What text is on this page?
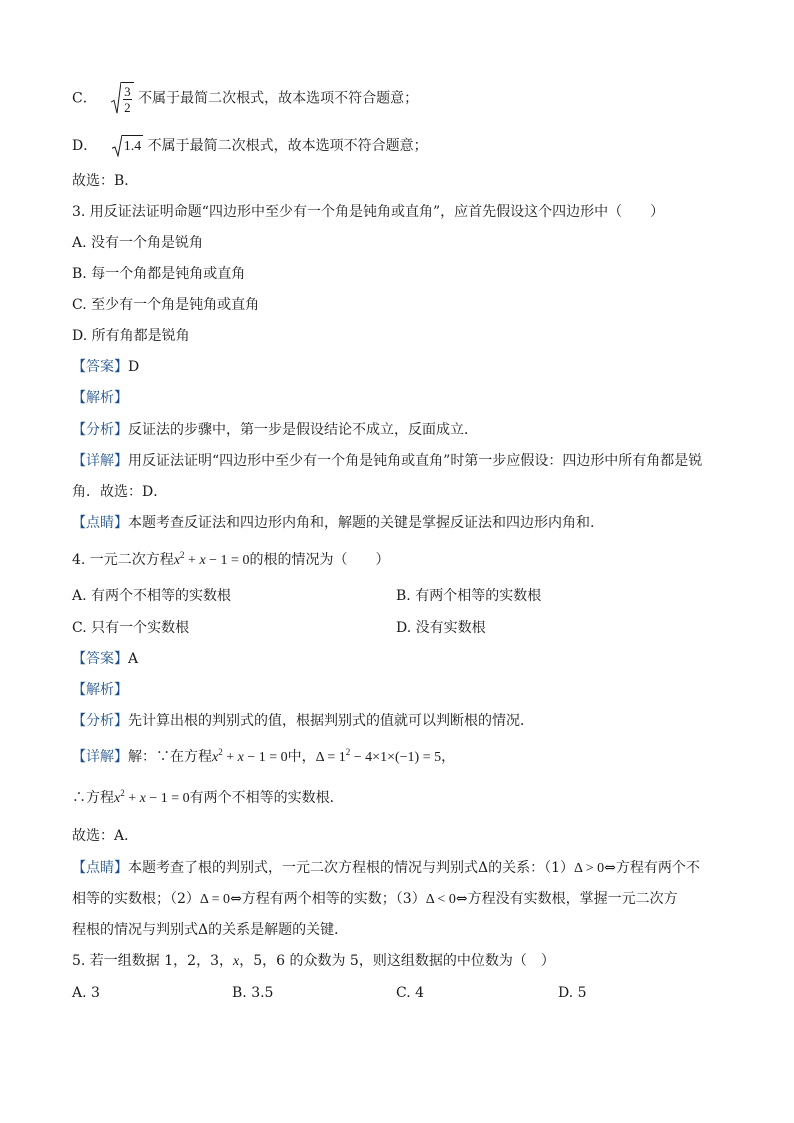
C． $\frac{3}{2}$ 不属于最简二次根式，故本选项不符合题意；
D． 1.4 不属于最简二次根式，故本选项不符合题意；
故选：B．
3. 用反证法证明命题“四边形中至少有一个角是钝角或直角”，应首先假设这个四边形中（　　）
A. 没有一个角是锐角
B. 每一个角都是钝角或直角
C. 至少有一个角是钝角或直角
D. 所有角都是锐角
【答案】D
【解析】
【分析】反证法的步骤中，第一步是假设结论不成立，反面成立．
【详解】用反证法证明“四边形中至少有一个角是钝角或直角”时第一步应假设：四边形中所有角都是锐
角．故选：D．
【点睛】本题考查反证法和四边形内角和，解题的关键是掌握反证法和四边形内角和.
4. 一元二次方程$x^2 + x - 1 = 0$的根的情况为（　　）
A. 有两个不相等的实数根	B. 有两个相等的实数根
C. 只有一个实数根	D. 没有实数根
【答案】A
【解析】
【分析】先计算出根的判别式的值，根据判别式的值就可以判断根的情况．
【详解】解：∵在方程$x^2 + x - 1 = 0$中，$\Delta = 1^2 - 4\times 1\times(-1) = 5$，
∴方程$x^2 + x - 1 = 0$有两个不相等的实数根．
故选：A．
【点睛】本题考查了根的判别式，一元二次方程根的情况与判别式Δ的关系：（1）Δ > 0⇔方程有两个不
相等的实数根；（2）Δ = 0⇔方程有两个相等的实数；（3）Δ < 0⇔方程没有实数根，掌握一元二次方
程根的情况与判别式Δ的关系是解题的关键．
5. 若一组数据 1，2，3，x，5，6 的众数为 5，则这组数据的中位数为（　）
A. 3	B. 3.5	C. 4	D. 5
